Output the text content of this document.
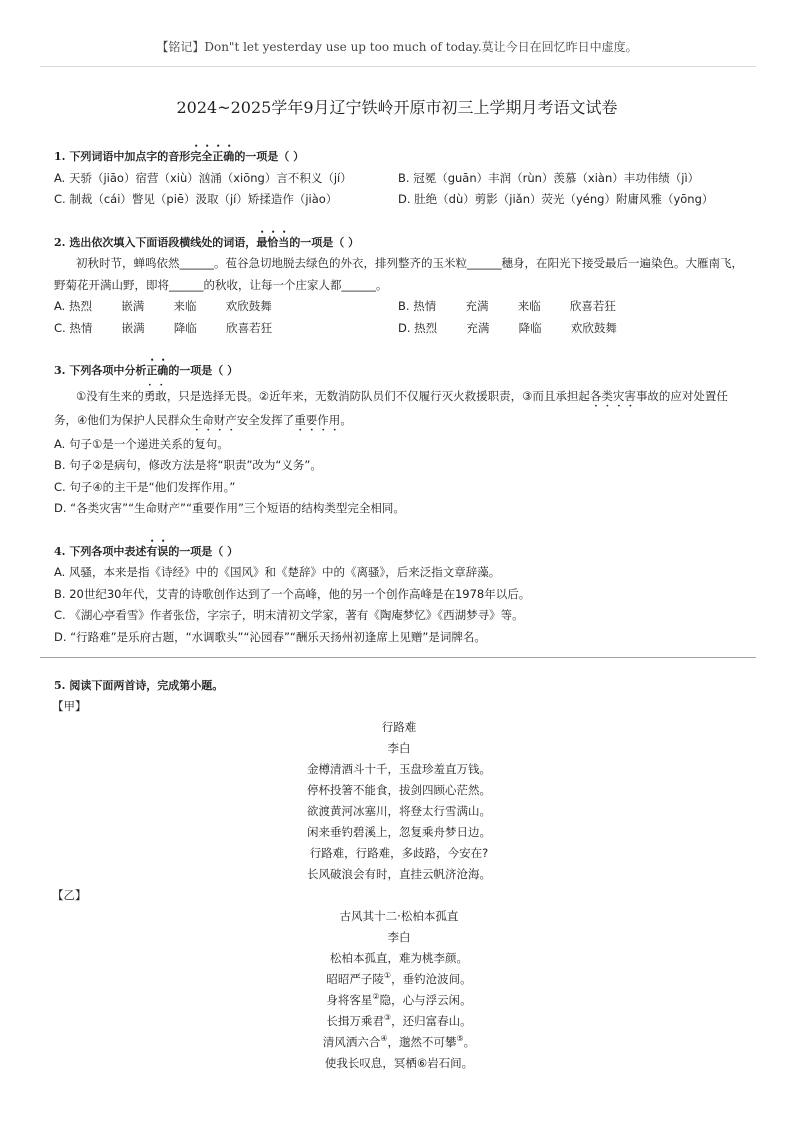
【铭记】Don"t let yesterday use up too much of today.莫让今日在回忆昨日中虚度。
2024~2025学年9月辽宁铁岭开原市初三上学期月考语文试卷
1. 下列词语中加点字的音形完全正确的一项是（ ）
A. 天骄（jiāo）宿营（xiù）汹涌（xiōng）言不积义（jí）	B. 冠冕（guān）丰润（rùn）羡慕（xiàn）丰功伟绩（jì）
C. 制裁（cái）瞥见（piē）汲取（jí）矫揉造作（jiào）	D. 肚绝（dù）剪影（jiǎn）荧光（yéng）附庸风雅（yōng）
2. 选出依次填入下面语段横线处的词语，最恰当的一项是（ ）
初秋时节，蝉鸣依然______。苞谷急切地脱去绿色的外衣，排列整齐的玉米粒______穗身，在阳光下接受最后一遍染色。大雁南飞，野菊花开满山野，即将______的秋收，让每一个庄家人都______。
A. 热烈        嵌满        来临        欢欣鼓舞	B. 热情        充满        来临        欣喜若狂
C. 热情        嵌满        降临        欣喜若狂	D. 热烈        充满        降临        欢欣鼓舞
3. 下列各项中分析正确的一项是（ ）
①没有生来的勇敢，只是选择无畏。②近年来，无数消防队员们不仅履行灭火救援职责，③而且承担起各类灾害事故的应对处置任务，④他们为保护人民群众生命财产安全发挥了重要作用。
A. 句子①是一个递进关系的复句。
B. 句子②是病句，修改方法是将“职责”改为“义务”。
C. 句子④的主干是“他们发挥作用。”
D. “各类灾害”“生命财产”“重要作用”三个短语的结构类型完全相同。
4. 下列各项中表述有误的一项是（ ）
A. 风骚，本来是指《诗经》中的《国风》和《楚辞》中的《离骚》，后来泛指文章辞藻。
B. 20世纪30年代，艾青的诗歌创作达到了一个高峰，他的另一个创作高峰是在1978年以后。
C. 《湖心亭看雪》作者张岱，字宗子，明末清初文学家，著有《陶庵梦忆》《西湖梦寻》等。
D. “行路难”是乐府古题，“水调歌头”“沁园春”“酬乐天扬州初逢席上见赠”是词牌名。
5. 阅读下面两首诗，完成第小题。
【甲】
行路难
李白
金樽清酒斗十千，玉盘珍羞直万钱。
停杯投箸不能食，拔剑四顾心茫然。
欲渡黄河冰塞川，将登太行雪满山。
闲来垂钓碧溪上，忽复乘舟梦日边。
行路难，行路难，多歧路，今安在?
长风破浪会有时，直挂云帆济沧海。
【乙】
古风其十二·松柏本孤直
李白
松柏本孤直，难为桃李颜。
昭昭严子陵①，垂钓沧波间。
身将客星②隐，心与浮云闲。
长揖万乘君③，还归富春山。
清风洒六合④，邈然不可攀⑤。
使我长叹息，冥栖⑥岩石间。
